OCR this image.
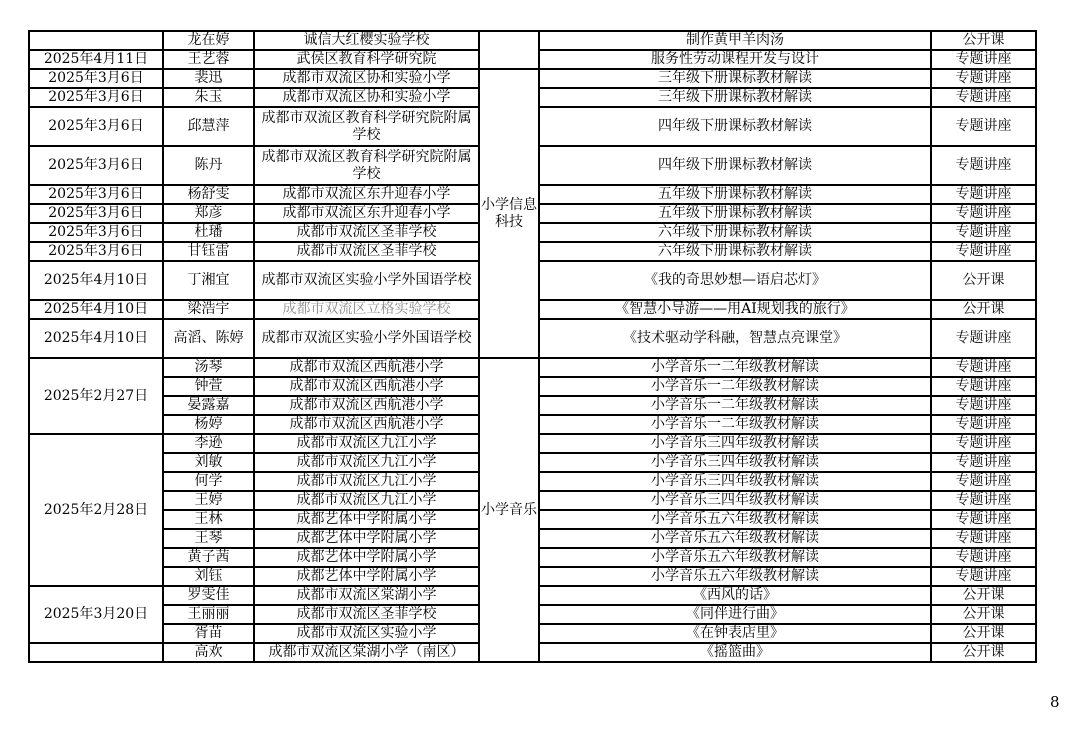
	龙在婷	诚信大红樱实验学校		制作黄甲羊肉汤	公开课
2025年4月11日	王艺蓉	武侯区教育科学研究院		服务性劳动课程开发与设计	专题讲座
2025年3月6日	裴迅	成都市双流区协和实验小学	小学信息科技	三年级下册课标教材解读	专题讲座
2025年3月6日	朱玉	成都市双流区协和实验小学		三年级下册课标教材解读	专题讲座
2025年3月6日	邱慧萍	成都市双流区教育科学研究院附属学校		四年级下册课标教材解读	专题讲座
2025年3月6日	陈丹	成都市双流区教育科学研究院附属学校		四年级下册课标教材解读	专题讲座
2025年3月6日	杨舒雯	成都市双流区东升迎春小学		五年级下册课标教材解读	专题讲座
2025年3月6日	郑彦	成都市双流区东升迎春小学		五年级下册课标教材解读	专题讲座
2025年3月6日	杜璠	成都市双流区圣菲学校		六年级下册课标教材解读	专题讲座
2025年3月6日	甘钰雷	成都市双流区圣菲学校		六年级下册课标教材解读	专题讲座
2025年4月10日	丁湘宜	成都市双流区实验小学外国语学校		《我的奇思妙想—语启芯灯》	公开课
2025年4月10日	梁浩宇	成都市双流区立格实验学校		《智慧小导游——用AI规划我的旅行》	公开课
2025年4月10日	高滔、陈婷	成都市双流区实验小学外国语学校		《技术驱动学科融，智慧点亮课堂》	专题讲座
2025年2月27日	汤琴	成都市双流区西航港小学	小学音乐	小学音乐一二年级教材解读	专题讲座
	钟萱	成都市双流区西航港小学		小学音乐一二年级教材解读	专题讲座
	晏露嘉	成都市双流区西航港小学		小学音乐一二年级教材解读	专题讲座
	杨婷	成都市双流区西航港小学		小学音乐一二年级教材解读	专题讲座
2025年2月28日	李逊	成都市双流区九江小学		小学音乐三四年级教材解读	专题讲座
	刘敏	成都市双流区九江小学		小学音乐三四年级教材解读	专题讲座
	何学	成都市双流区九江小学		小学音乐三四年级教材解读	专题讲座
	王婷	成都市双流区九江小学		小学音乐三四年级教材解读	专题讲座
	王林	成都艺体中学附属小学		小学音乐五六年级教材解读	专题讲座
	王琴	成都艺体中学附属小学		小学音乐五六年级教材解读	专题讲座
	黄子茜	成都艺体中学附属小学		小学音乐五六年级教材解读	专题讲座
	刘钰	成都艺体中学附属小学		小学音乐五六年级教材解读	专题讲座
2025年3月20日	罗雯佳	成都市双流区棠湖小学		《西风的话》	公开课
	王丽丽	成都市双流区圣菲学校		《同伴进行曲》	公开课
	胥苗	成都市双流区实验小学		《在钟表店里》	公开课
	高欢	成都市双流区棠湖小学（南区）		《摇篮曲》	公开课
8
